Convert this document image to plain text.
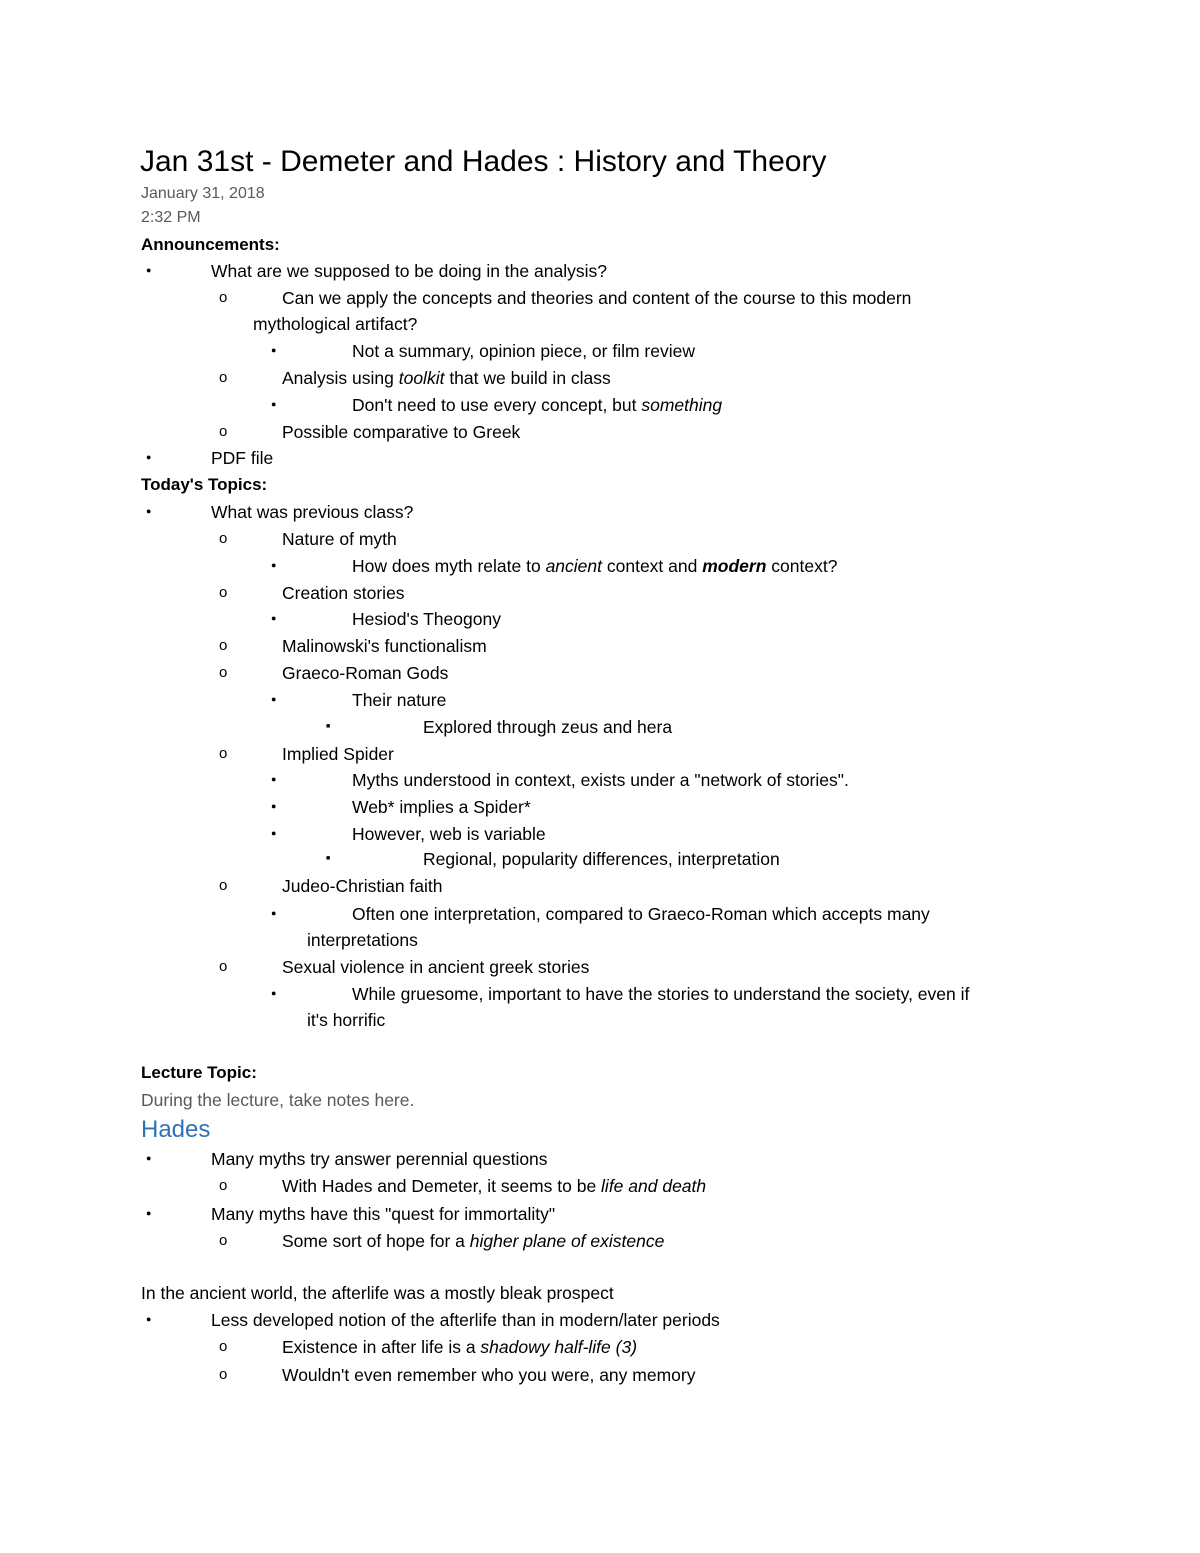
Jan 31st - Demeter and Hades : History and Theory
January 31, 2018
2:32 PM
Announcements:
●
What are we supposed to be doing in the analysis?
o
Can we apply the concepts and theories and content of the course to this modern
mythological artifact?
●
Not a summary, opinion piece, or film review
o
Analysis using toolkit that we build in class
●
Don't need to use every concept, but something
o
Possible comparative to Greek
●
PDF file
Today's Topics:
●
What was previous class?
o
Nature of myth
●
How does myth relate to ancient context and modern context?
o
Creation stories
●
Hesiod's Theogony
o
Malinowski's functionalism
o
Graeco-Roman Gods
●
Their nature
■
Explored through zeus and hera
o
Implied Spider
●
Myths understood in context, exists under a "network of stories".
●
Web* implies a Spider*
●
However, web is variable
■
Regional, popularity differences, interpretation
o
Judeo-Christian faith
●
Often one interpretation, compared to Graeco-Roman which accepts many
interpretations
o
Sexual violence in ancient greek stories
●
While gruesome, important to have the stories to understand the society, even if
it's horrific
Lecture Topic:
During the lecture, take notes here.
Hades
●
Many myths try answer perennial questions
o
With Hades and Demeter, it seems to be life and death
●
Many myths have this "quest for immortality"
o
Some sort of hope for a higher plane of existence
In the ancient world, the afterlife was a mostly bleak prospect
●
Less developed notion of the afterlife than in modern/later periods
o
Existence in after life is a shadowy half-life (3)
o
Wouldn't even remember who you were, any memory
